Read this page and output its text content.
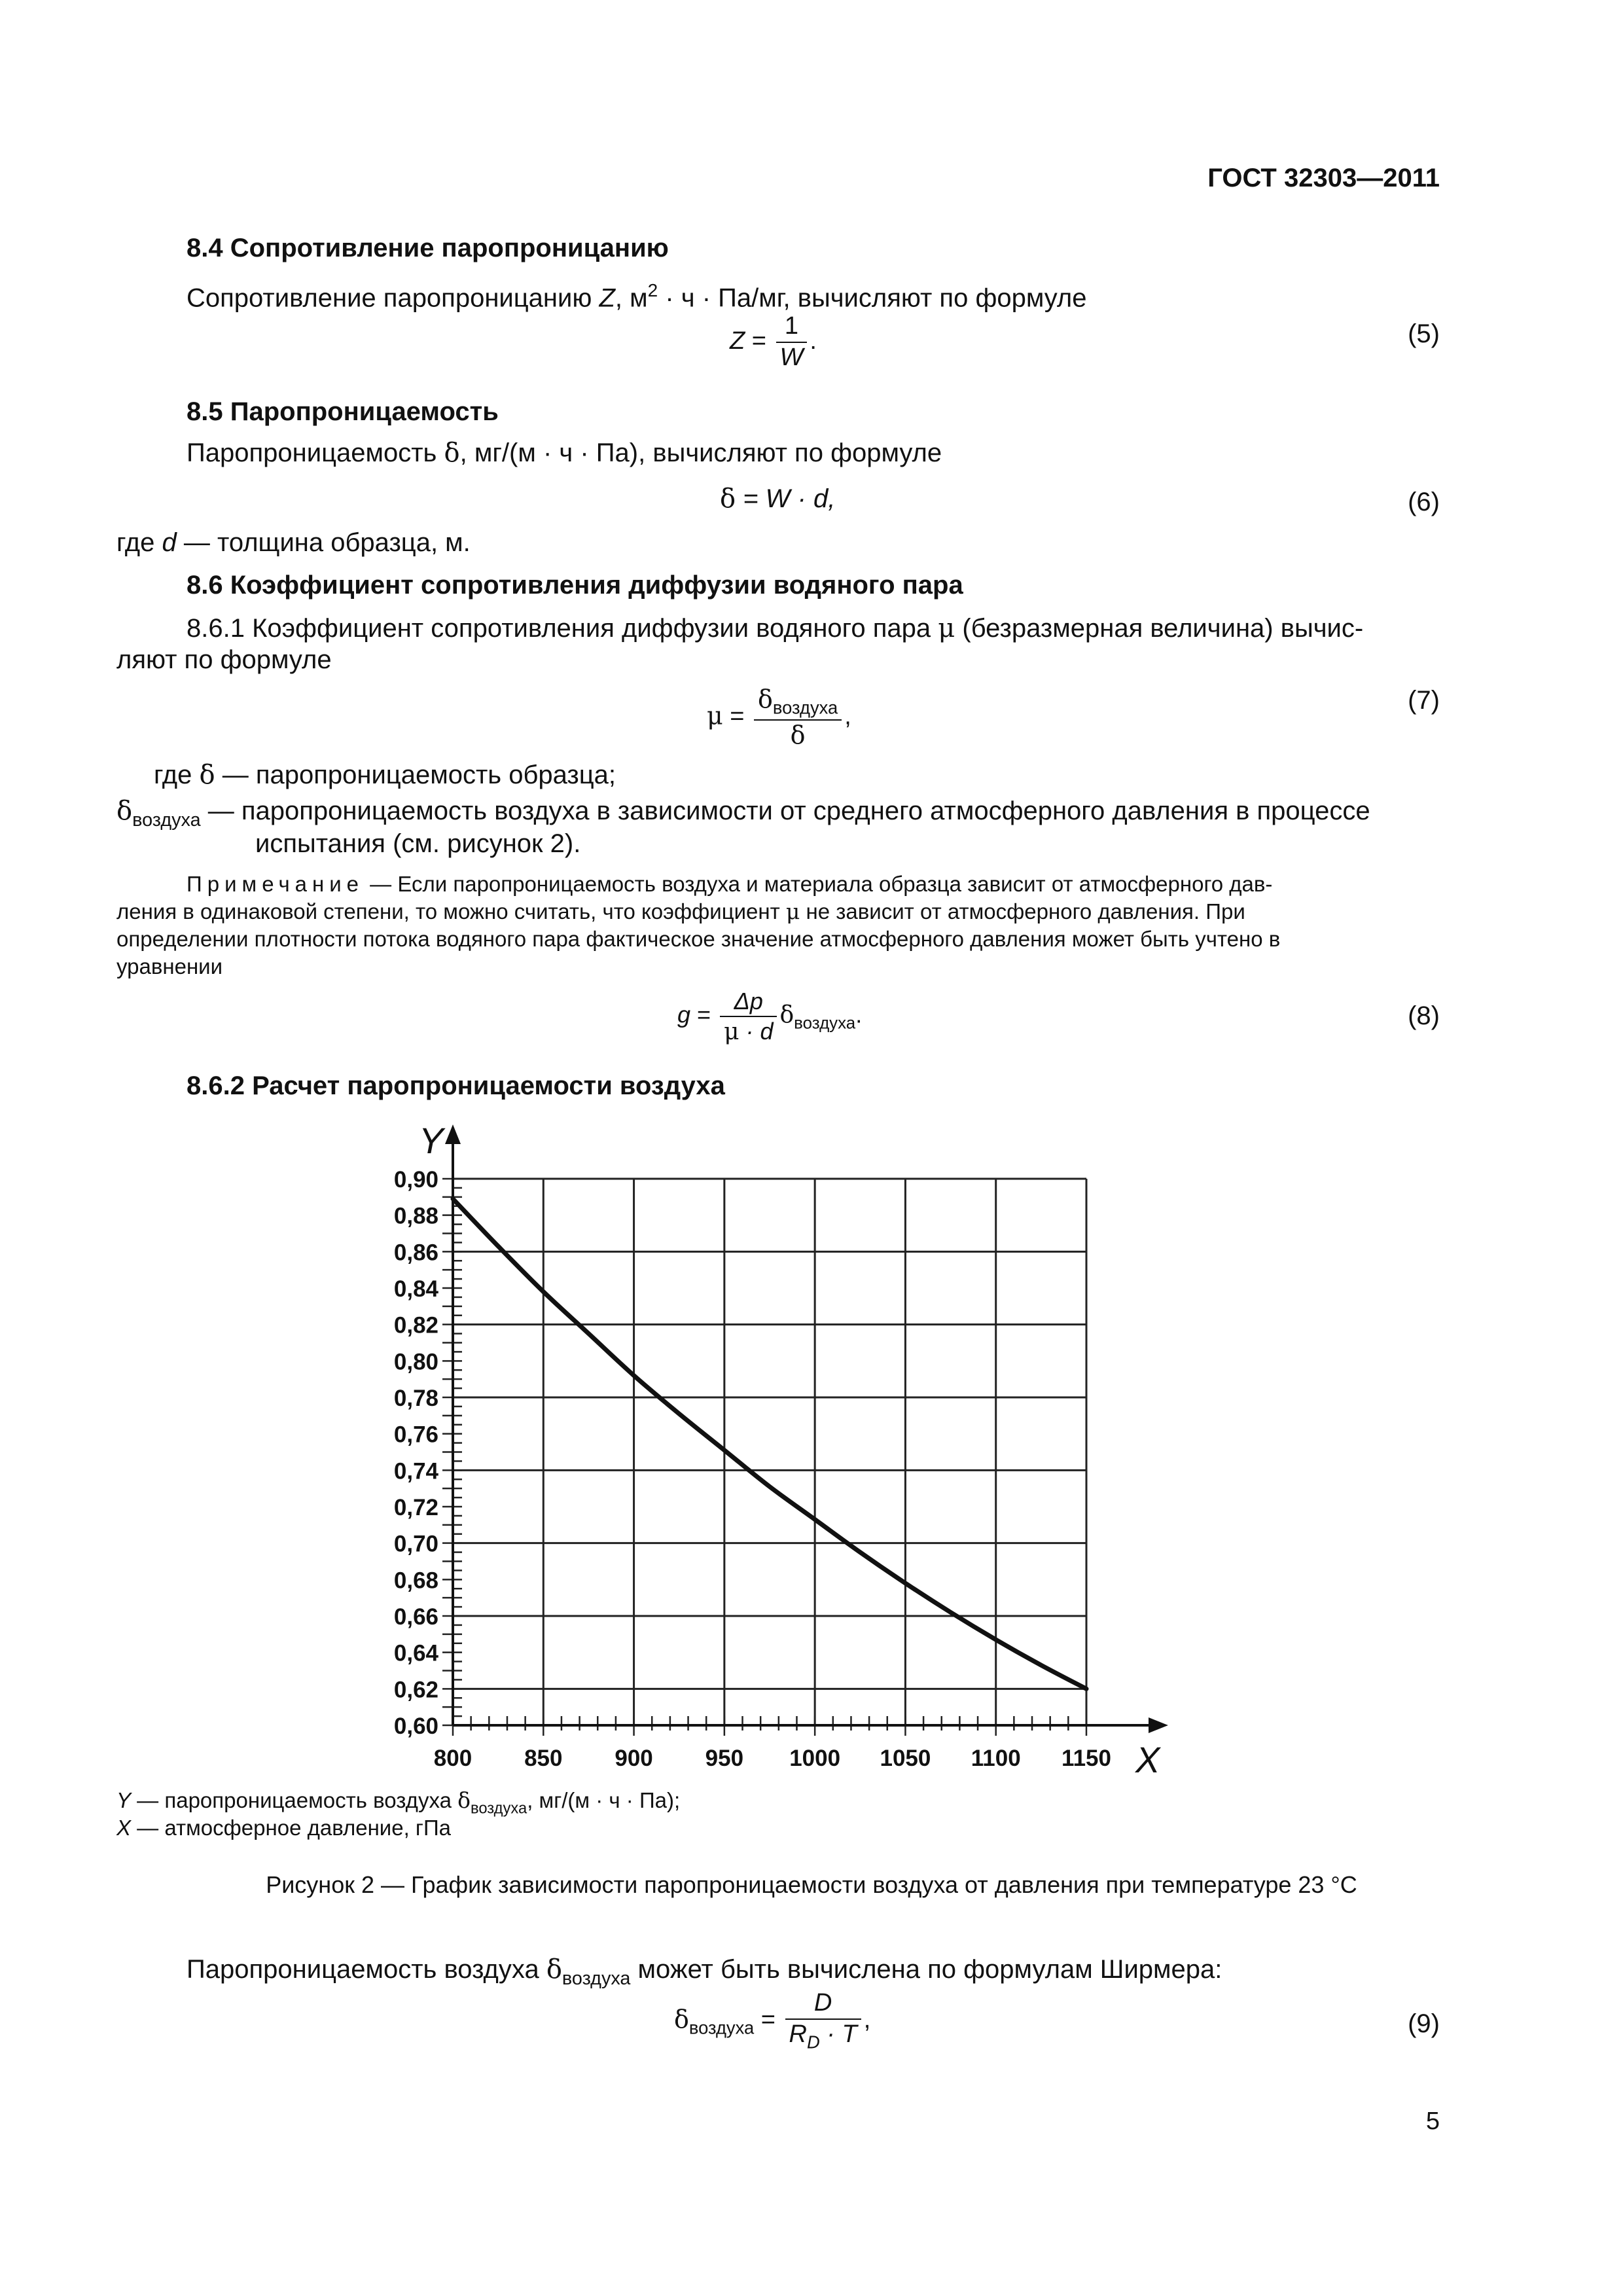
ГОСТ 32303—2011
8.4 Сопротивление паропроницанию
Сопротивление паропроницанию Z, $м^2 \cdot ч \cdot Па/мг$, вычисляют по формуле
$Z = \frac{1}{W}$ .	(5)
8.5 Паропроницаемость
Паропроницаемость δ, мг/(м · ч · Па), вычисляют по формуле
δ = W · d,	(6)
где d — толщина образца, м.
8.6 Коэффициент сопротивления диффузии водяного пара
8.6.1 Коэффициент сопротивления диффузии водяного пара μ (безразмерная величина) вычис-
ляют по формуле
$\mu = \frac{\delta_{воздуха}}{\delta}$ ,
(7)
где δ — паропроницаемость образца;
$\delta_{воздуха}$ — паропроницаемость воздуха в зависимости от среднего атмосферного давления в процессе
испытания (см. рисунок 2).
Примечание — Если паропроницаемость воздуха и материала образца зависит от атмосферного дав-
ления в одинаковой степени, то можно считать, что коэффициент μ не зависит от атмосферного давления. При
определении плотности потока водяного пара фактическое значение атмосферного давления может быть учтено в
уравнении
$g = \frac{\Delta p}{\mu \cdot d} \delta_{воздуха}$.	(8)
8.6.2 Расчет паропроницаемости воздуха
0,60
0,62
0,64
0,66
0,68
0,70
0,72
0,74
0,76
0,78
0,80
0,82
0,84
0,86
0,88
0,90
800 850 900 950 1000 1050 1100 1150
Y
X
Y — паропроницаемость воздуха $\delta_{воздуха}$, мг/(м · ч · Па);
X — атмосферное давление, гПа
Рисунок 2 — График зависимости паропроницаемости воздуха от давления при температуре 23 °С
Паропроницаемость воздуха $\delta_{воздуха}$ может быть вычислена по формулам Ширмера:
$\delta_{воздуха} = \frac{D}{R_D \cdot T}$ ,	(9)
5
